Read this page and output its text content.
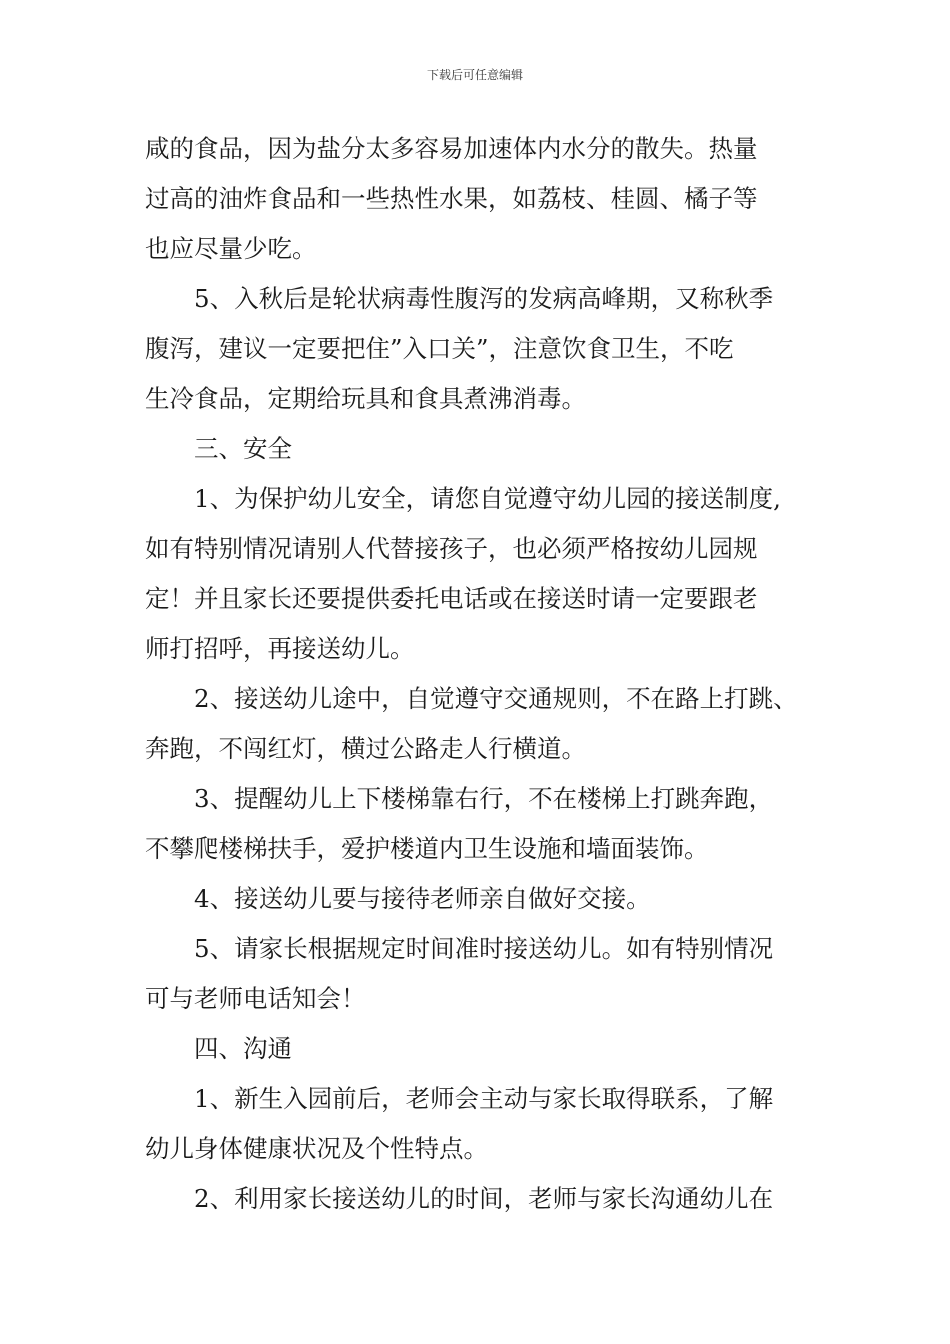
下载后可任意编辑
咸的食品，因为盐分太多容易加速体内水分的散失。热量
过高的油炸食品和一些热性水果，如荔枝、桂圆、橘子等
也应尽量少吃。
5、入秋后是轮状病毒性腹泻的发病高峰期，又称秋季
腹泻，建议一定要把住”入口关”，注意饮食卫生，不吃
生冷食品，定期给玩具和食具煮沸消毒。
三、安全
1、为保护幼儿安全，请您自觉遵守幼儿园的接送制度,
如有特别情况请别人代替接孩子，也必须严格按幼儿园规
定！并且家长还要提供委托电话或在接送时请一定要跟老
师打招呼，再接送幼儿。
2、接送幼儿途中，自觉遵守交通规则，不在路上打跳、
奔跑，不闯红灯，横过公路走人行横道。
3、提醒幼儿上下楼梯靠右行，不在楼梯上打跳奔跑，
不攀爬楼梯扶手，爱护楼道内卫生设施和墙面装饰。
4、接送幼儿要与接待老师亲自做好交接。
5、请家长根据规定时间准时接送幼儿。如有特别情况
可与老师电话知会！
四、沟通
1、新生入园前后，老师会主动与家长取得联系，了解
幼儿身体健康状况及个性特点。
2、利用家长接送幼儿的时间，老师与家长沟通幼儿在
